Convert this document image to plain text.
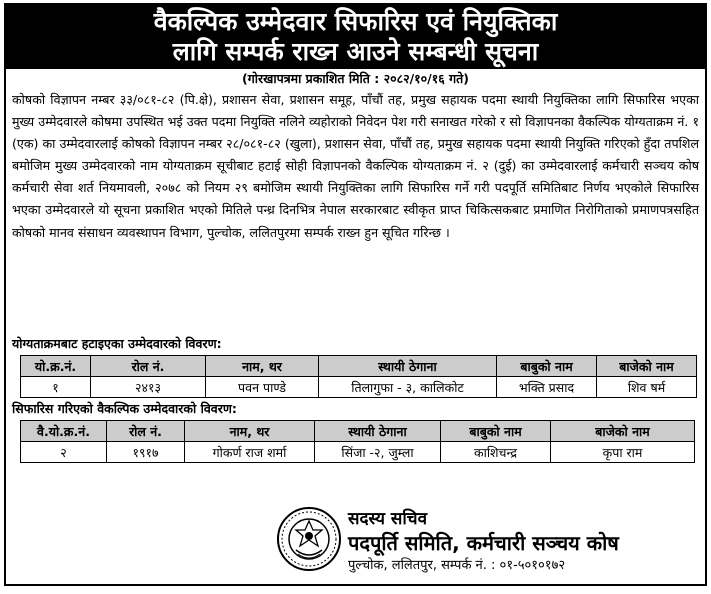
वैकल्पिक उम्मेदवार सिफारिस एवं नियुक्तिका
लागि सम्पर्क राख्न आउने सम्बन्धी सूचना
(गोरखापत्रमा प्रकाशित मिति : २०८२/१०/१६ गते)

कोषको विज्ञापन नम्बर ३३/०८१-८२ (पि.क्षे), प्रशासन सेवा, प्रशासन समूह, पाँचौं तह, प्रमुख सहायक पदमा स्थायी नियुक्तिका लागि सिफारिस भएका मुख्य उम्मेदवारले कोषमा उपस्थित भई उक्त पदमा नियुक्ति नलिने व्यहोराको निवेदन पेश गरी सनाखत गरेको र सो विज्ञापनका वैकल्पिक योग्यताक्रम नं. १ (एक) का उम्मेदवारलाई कोषको विज्ञापन नम्बर २८/०८१-८२ (खुला), प्रशासन सेवा, पाँचौं तह, प्रमुख सहायक पदमा स्थायी नियुक्ति गरिएको हुँदा तपशिल बमोजिम मुख्य उम्मेदवारको नाम योग्यताक्रम सूचीबाट हटाई सोही विज्ञापनको वैकल्पिक योग्यताक्रम नं. २ (दुई) का उम्मेदवारलाई कर्मचारी सञ्चय कोष कर्मचारी सेवा शर्त नियमावली, २०७८ को नियम २९ बमोजिम स्थायी नियुक्तिका लागि सिफारिस गर्ने गरी पदपूर्ति समितिबाट निर्णय भएकोले सिफारिस भएका उम्मेदवारले यो सूचना प्रकाशित भएको मितिले पन्ध्र दिनभित्र नेपाल सरकारबाट स्वीकृत प्राप्त चिकित्सकबाट प्रमाणित निरोगिताको प्रमाणपत्रसहित कोषको मानव संसाधन व्यवस्थापन विभाग, पुल्चोक, ललितपुरमा सम्पर्क राख्न हुन सूचित गरिन्छ ।

योग्यताक्रमबाट हटाइएका उम्मेदवारको विवरण:
यो.क्र.नं.	रोल नं.	नाम, थर	स्थायी ठेगाना	बाबुको नाम	बाजेको नाम
१	२४१३	पवन पाण्डे	तिलागुफा - ३, कालिकोट	भक्ति प्रसाद	शिव षर्म
सिफारिस गरिएको वैकल्पिक उम्मेदवारको विवरण:
वै.यो.क्र.नं.	रोल नं.	नाम, थर	स्थायी ठेगाना	बाबुको नाम	बाजेको नाम
२	१९१७	गोकर्ण राज शर्मा	सिंजा -२, जुम्ला	काशिचन्द्र	कृपा राम
सदस्य सचिव
पदपूर्ति समिति, कर्मचारी सञ्चय कोष
पुल्चोक, ललितपुर, सम्पर्क नं. : ०१-५०१०१७२
